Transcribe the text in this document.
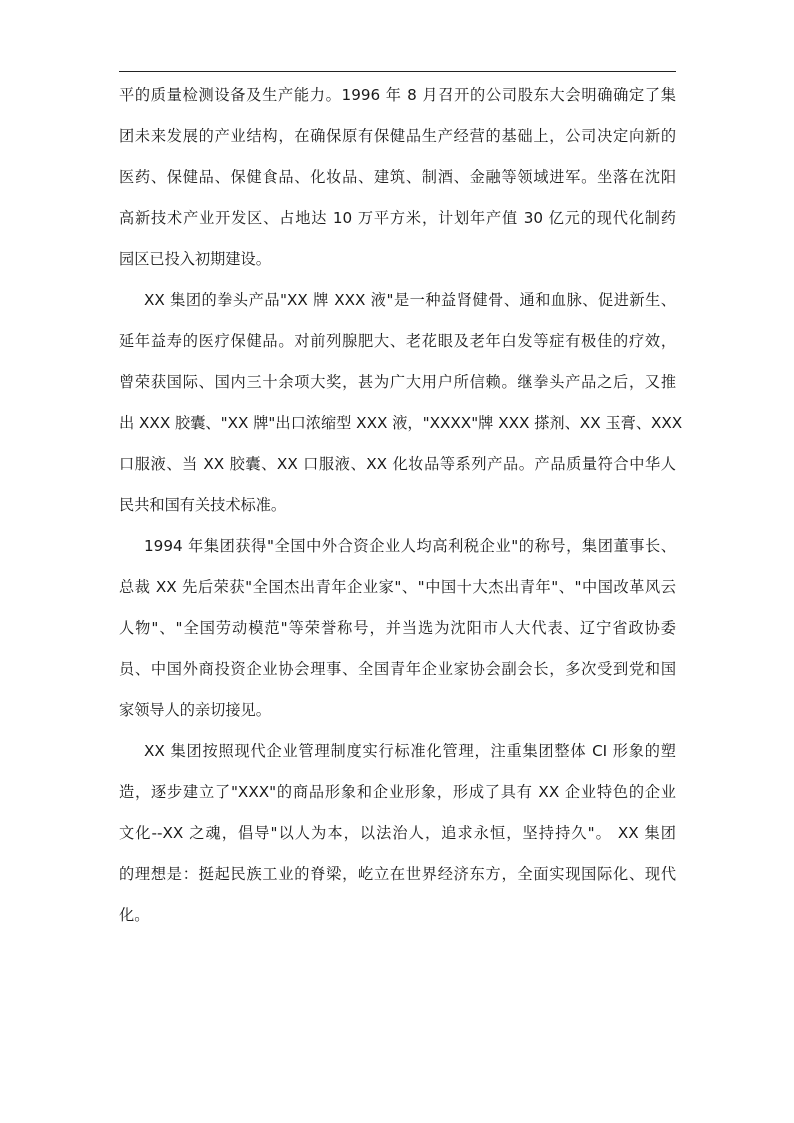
平的质量检测设备及生产能力。1996 年 8 月召开的公司股东大会明确确定了集
团未来发展的产业结构，在确保原有保健品生产经营的基础上，公司决定向新的
医药、保健品、保健食品、化妆品、建筑、制酒、金融等领域进军。坐落在沈阳
高新技术产业开发区、占地达 10 万平方米，计划年产值 30 亿元的现代化制药
园区已投入初期建设。
XX 集团的拳头产品"XX 牌 XXX 液"是一种益肾健骨、通和血脉、促进新生、
延年益寿的医疗保健品。对前列腺肥大、老花眼及老年白发等症有极佳的疗效，
曾荣获国际、国内三十余项大奖，甚为广大用户所信赖。继拳头产品之后，又推
出 XXX 胶囊、"XX 牌"出口浓缩型 XXX 液，"XXXX"牌 XXX 搽剂、XX 玉膏、XXX
口服液、当 XX 胶囊、XX 口服液、XX 化妆品等系列产品。产品质量符合中华人
民共和国有关技术标准。
1994 年集团获得"全国中外合资企业人均高利税企业"的称号，集团董事长、
总裁 XX 先后荣获"全国杰出青年企业家"、"中国十大杰出青年"、"中国改革风云
人物"、"全国劳动模范"等荣誉称号，并当选为沈阳市人大代表、辽宁省政协委
员、中国外商投资企业协会理事、全国青年企业家协会副会长，多次受到党和国
家领导人的亲切接见。
XX 集团按照现代企业管理制度实行标准化管理，注重集团整体 CI 形象的塑
造，逐步建立了"XXX"的商品形象和企业形象，形成了具有 XX 企业特色的企业
文化--XX 之魂，倡导"以人为本，以法治人，追求永恒，坚持持久"。 XX 集团
的理想是：挺起民族工业的脊梁，屹立在世界经济东方，全面实现国际化、现代
化。
